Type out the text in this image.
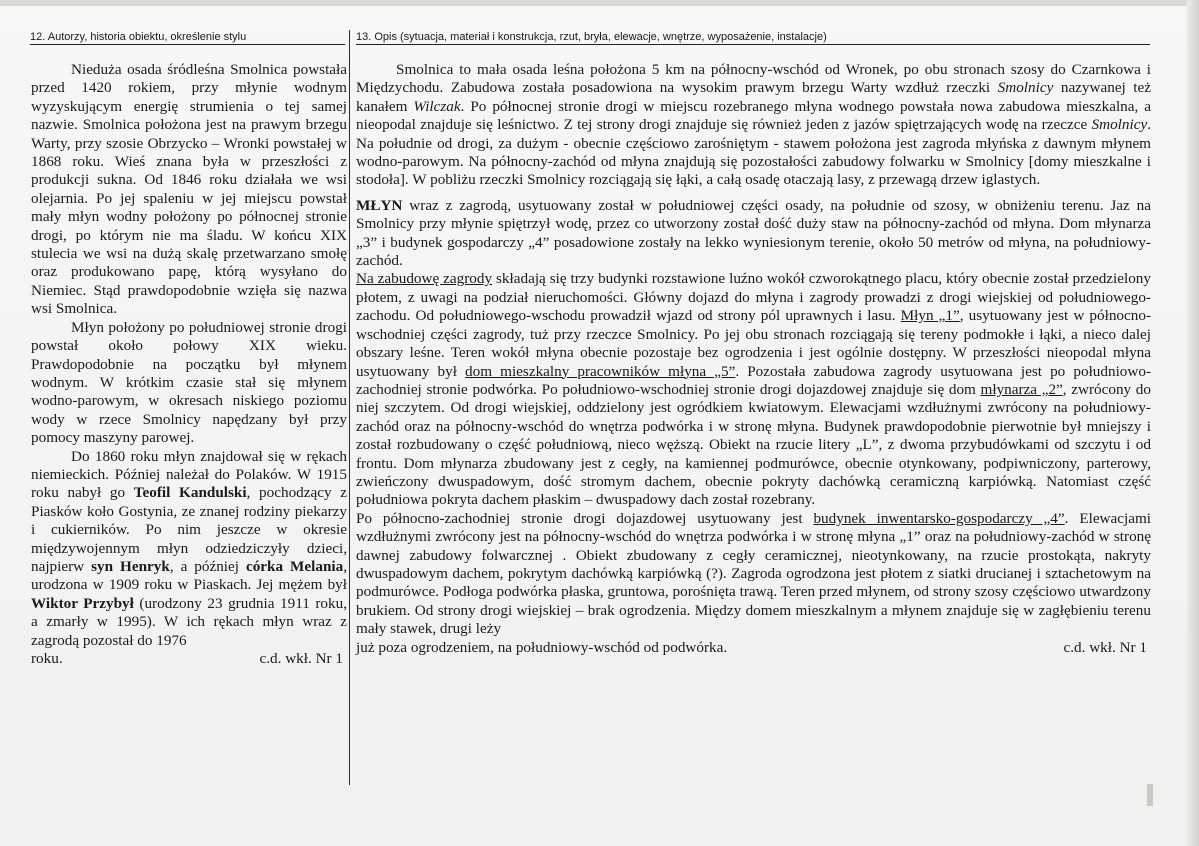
12. Autorzy, historia obiektu, określenie stylu	13. Opis (sytuacja, materiał i konstrukcja, rzut, bryła, elewacje, wnętrze, wyposażenie, instalacje)

Nieduża osada śródleśna Smolnica powstała przed 1420 rokiem, przy młynie wodnym wyzyskującym energię strumienia o tej samej nazwie. Smolnica położona jest na prawym brzegu Warty, przy szosie Obrzycko – Wronki powstałej w 1868 roku. Wieś znana była w przeszłości z produkcji sukna. Od 1846 roku działała we wsi olejarnia. Po jej spaleniu w jej miejscu powstał mały młyn wodny położony po północnej stronie drogi, po którym nie ma śladu. W końcu XIX stulecia we wsi na dużą skalę przetwarzano smołę oraz produkowano papę, którą wysyłano do Niemiec. Stąd prawdopodobnie wzięła się nazwa wsi Smolnica.

Młyn położony po południowej stronie drogi powstał około połowy XIX wieku. Prawdopodobnie na początku był młynem wodnym. W krótkim czasie stał się młynem wodno-parowym, w okresach niskiego poziomu wody w rzece Smolnicy napędzany był przy pomocy maszyny parowej.

Do 1860 roku młyn znajdował się w rękach niemieckich. Później należał do Polaków. W 1915 roku nabył go Teofil Kandulski, pochodzący z Piasków koło Gostynia, ze znanej rodziny piekarzy i cukierników. Po nim jeszcze w okresie międzywojennym młyn odziedziczyły dzieci, najpierw syn Henryk, a później córka Melania, urodzona w 1909 roku w Piaskach. Jej mężem był Wiktor Przybył (urodzony 23 grudnia 1911 roku, a zmarły w 1995). W ich rękach młyn wraz z zagrodą pozostał do 1976

roku.	c.d. wkł. Nr 1

Smolnica to mała osada leśna położona 5 km na północny-wschód od Wronek, po obu stronach szosy do Czarnkowa i Międzychodu. Zabudowa została posadowiona na wysokim prawym brzegu Warty wzdłuż rzeczki Smolnicy nazywanej też kanałem Wilczak. Po północnej stronie drogi w miejscu rozebranego młyna wodnego powstała nowa zabudowa mieszkalna, a nieopodal znajduje się leśnictwo. Z tej strony drogi znajduje się również jeden z jazów spiętrzających wodę na rzeczce Smolnicy. Na południe od drogi, za dużym - obecnie częściowo zarośniętym - stawem położona jest zagroda młyńska z dawnym młynem wodno-parowym. Na północny-zachód od młyna znajdują się pozostałości zabudowy folwarku w Smolnicy [domy mieszkalne i stodoła]. W pobliżu rzeczki Smolnicy rozciągają się łąki, a całą osadę otaczają lasy, z przewagą drzew iglastych.

MŁYN wraz z zagrodą, usytuowany został w południowej części osady, na południe od szosy, w obniżeniu terenu. Jaz na Smolnicy przy młynie spiętrzył wodę, przez co utworzony został dość duży staw na północny-zachód od młyna. Dom młynarza „3” i budynek gospodarczy „4” posadowione zostały na lekko wyniesionym terenie, około 50 metrów od młyna, na południowy-zachód.

Na zabudowę zagrody składają się trzy budynki rozstawione luźno wokół czworokątnego placu, który obecnie został przedzielony płotem, z uwagi na podział nieruchomości. Główny dojazd do młyna i zagrody prowadzi z drogi wiejskiej od południowego-zachodu. Od południowego-wschodu prowadził wjazd od strony pól uprawnych i lasu. Młyn „1”, usytuowany jest w północno-wschodniej części zagrody, tuż przy rzeczce Smolnicy. Po jej obu stronach rozciągają się tereny podmokłe i łąki, a nieco dalej obszary leśne. Teren wokół młyna obecnie pozostaje bez ogrodzenia i jest ogólnie dostępny. W przeszłości nieopodal młyna usytuowany był dom mieszkalny pracowników młyna „5”. Pozostała zabudowa zagrody usytuowana jest po południowo-zachodniej stronie podwórka. Po południowo-wschodniej stronie drogi dojazdowej znajduje się dom młynarza „2”, zwrócony do niej szczytem. Od drogi wiejskiej, oddzielony jest ogródkiem kwiatowym. Elewacjami wzdłużnymi zwrócony na południowy-zachód oraz na północny-wschód do wnętrza podwórka i w stronę młyna. Budynek prawdopodobnie pierwotnie był mniejszy i został rozbudowany o część południową, nieco węższą. Obiekt na rzucie litery „L”, z dwoma przybudówkami od szczytu i od frontu. Dom młynarza zbudowany jest z cegły, na kamiennej podmurówce, obecnie otynkowany, podpiwniczony, parterowy, zwieńczony dwuspadowym, dość stromym dachem, obecnie pokryty dachówką ceramiczną karpiówką. Natomiast część południowa pokryta dachem płaskim – dwuspadowy dach został rozebrany.

Po północno-zachodniej stronie drogi dojazdowej usytuowany jest budynek inwentarsko-gospodarczy „4”. Elewacjami wzdłużnymi zwrócony jest na północny-wschód do wnętrza podwórka i w stronę młyna „1” oraz na południowy-zachód w stronę dawnej zabudowy folwarcznej . Obiekt zbudowany z cegły ceramicznej, nieotynkowany, na rzucie prostokąta, nakryty dwuspadowym dachem, pokrytym dachówką karpiówką (?). Zagroda ogrodzona jest płotem z siatki drucianej i sztachetowym na podmurówce. Podłoga podwórka płaska, gruntowa, porośnięta trawą. Teren przed młynem, od strony szosy częściowo utwardzony brukiem. Od strony drogi wiejskiej – brak ogrodzenia. Między domem mieszkalnym a młynem znajduje się w zagłębieniu terenu mały stawek, drugi leży

już poza ogrodzeniem, na południowy-wschód od podwórka.	c.d. wkł. Nr 1
